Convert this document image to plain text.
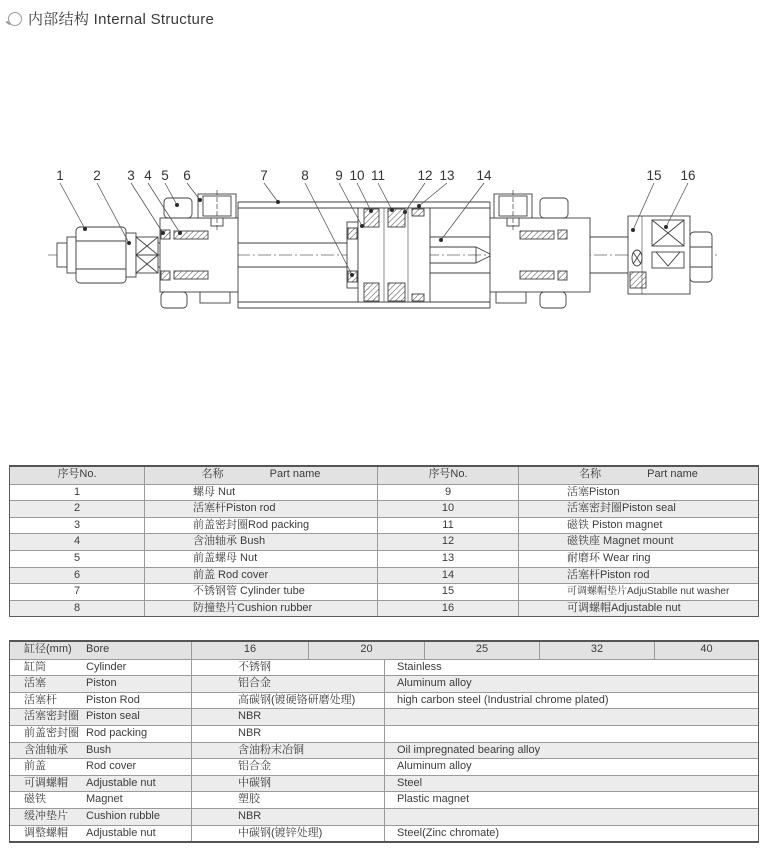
内部结构 Internal Structure
1 2 3 4 5 6	7 8 9 10 11 12 13 14	15 16
序号No.	名称	Part name	序号No.	名称	Part name
1	螺母 Nut	9	活塞Piston
2	活塞杆Piston rod	10	活塞密封圈Piston seal
3	前盖密封圈Rod packing	11	磁铁 Piston magnet
4	含油轴承 Bush	12	磁铁座 Magnet mount
5	前盖螺母 Nut	13	耐磨环 Wear ring
6	前盖 Rod cover	14	活塞杆Piston rod
7	不锈钢管 Cylinder tube	15	可调螺帽垫片AdjuStablle nut washer
8	防撞垫片Cushion rubber	16	可调螺帽Adjustable nut
缸径(mm)	Bore	16	20	25	32	40
缸筒	Cylinder	不锈钢	Stainless
活塞	Piston	铝合金	Aluminum alloy
活塞杆	Piston Rod	高碳钢(镀硬铬研磨处理)	high carbon steel (Industrial chrome plated)
活塞密封圈 Piston seal	NBR
前盖密封圈 Rod packing	NBR
含油轴承	Bush	含油粉末冶铜	Oil impregnated bearing alloy
前盖	Rod cover	铝合金	Aluminum alloy
可调螺帽	Adjustable nut	中碳钢	Steel
磁铁	Magnet	塑胶	Plastic magnet
缓冲垫片	Cushion rubble	NBR
调整螺帽	Adjustable nut	中碳钢(镀锌处理)	Steel(Zinc chromate)
